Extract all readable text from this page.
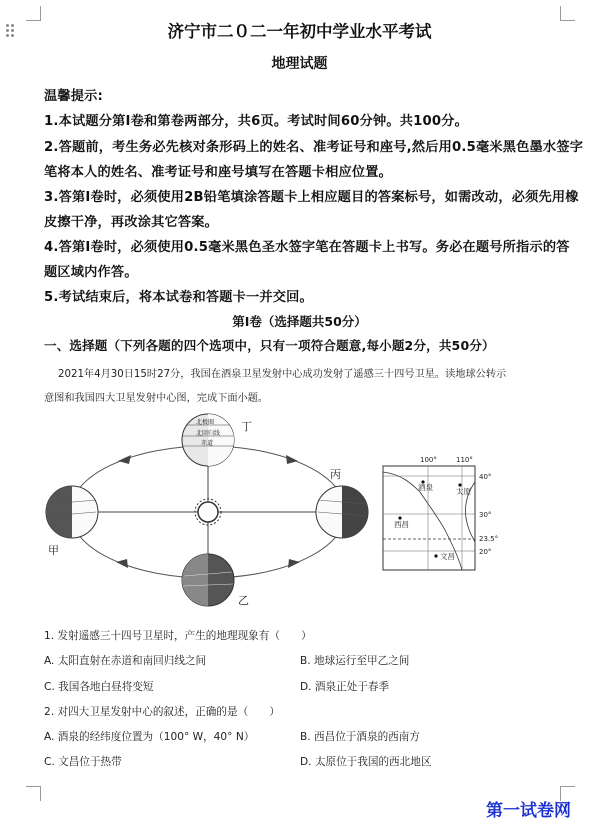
济宁市二０二一年初中学业水平考试
地理试题
温馨提示:
1.本试题分第Ⅰ卷和第卷两部分，共6页。考试时间60分钟。共100分。
2.答题前，考生务必先核对条形码上的姓名、准考证号和座号,然后用0.5毫米黑色墨水签字
笔将本人的姓名、准考证号和座号填写在答题卡相应位置。
3.答第Ⅰ卷时，必须使用2B铅笔填涂答题卡上相应题目的答案标号，如需改动，必须先用橡
皮擦干净，再改涂其它答案。
4.答第Ⅰ卷时，必须使用0.5毫米黑色圣水签字笔在答题卡上书写。务必在题号所指示的答
题区域内作答。
5.考试结束后，将本试卷和答题卡一并交回。
第Ⅰ卷（选择题共50分）
一、选择题（下列各题的四个选项中，只有一项符合题意,每小题2分，共50分）
2021年4月30日15时27分，我国在酒泉卫星发射中心成功发射了遥感三十四号卫星。读地球公转示
意图和我国四大卫星发射中心图，完成下面小题。
北极圈
北回归线
赤道
丁
甲
丙
乙
100°	110°
40°
30°
23.5°
20°
酒泉	太原
西昌
文昌
1. 发射遥感三十四号卫星时，产生的地理现象有（　　）
A. 太阳直射在赤道和南回归线之间	B. 地球运行至甲乙之间
C. 我国各地白昼将变短	D. 酒泉正处于春季
2. 对四大卫星发射中心的叙述，正确的是（　　）
A. 酒泉的经纬度位置为（100° W，40° N）	B. 西昌位于酒泉的西南方
C. 文昌位于热带	D. 太原位于我国的西北地区
第一试卷网
